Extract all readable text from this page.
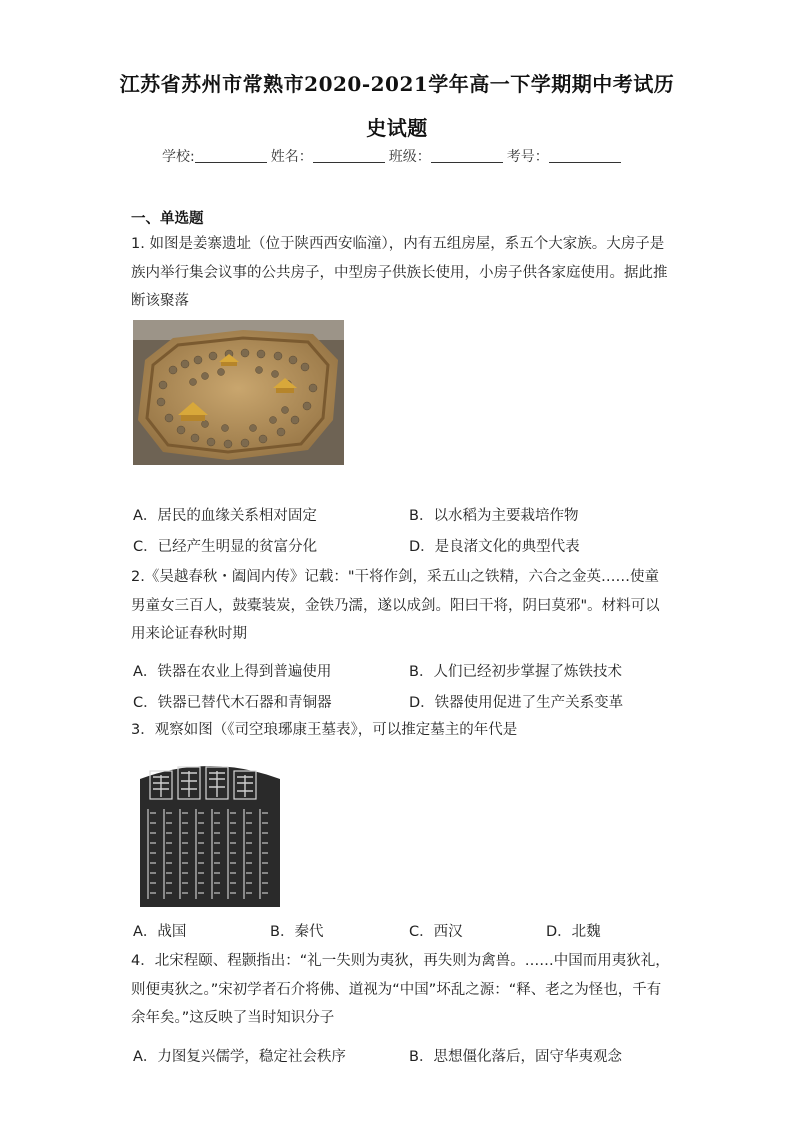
江苏省苏州市常熟市2020-2021学年高一下学期期中考试历
史试题
学校:	姓名：	班级：	考号：
一、单选题
1. 如图是姜寨遗址（位于陕西西安临潼），内有五组房屋，系五个大家族。大房子是族内举行集会议事的公共房子，中型房子供族长使用，小房子供各家庭使用。据此推断该聚落
A．居民的血缘关系相对固定	B．以水稻为主要栽培作物
C．已经产生明显的贫富分化	D．是良渚文化的典型代表
2.《吴越春秋・阖闾内传》记载："干将作剑，采五山之铁精，六合之金英……使童男童女三百人，鼓橐装炭，金铁乃濡，遂以成剑。阳曰干将，阴曰莫邪"。材料可以用来论证春秋时期
A．铁器在农业上得到普遍使用	B．人们已经初步掌握了炼铁技术
C．铁器已替代木石器和青铜器	D．铁器使用促进了生产关系变革
3．观察如图（《司空琅琊康王墓表》，可以推定墓主的年代是
A．战国	B．秦代	C．西汉	D．北魏
4．北宋程颐、程颢指出：“礼一失则为夷狄，再失则为禽兽。……中国而用夷狄礼，则便夷狄之。”宋初学者石介将佛、道视为“中国”坏乱之源：“释、老之为怪也，千有余年矣。”这反映了当时知识分子
A．力图复兴儒学，稳定社会秩序	B．思想僵化落后，固守华夷观念
